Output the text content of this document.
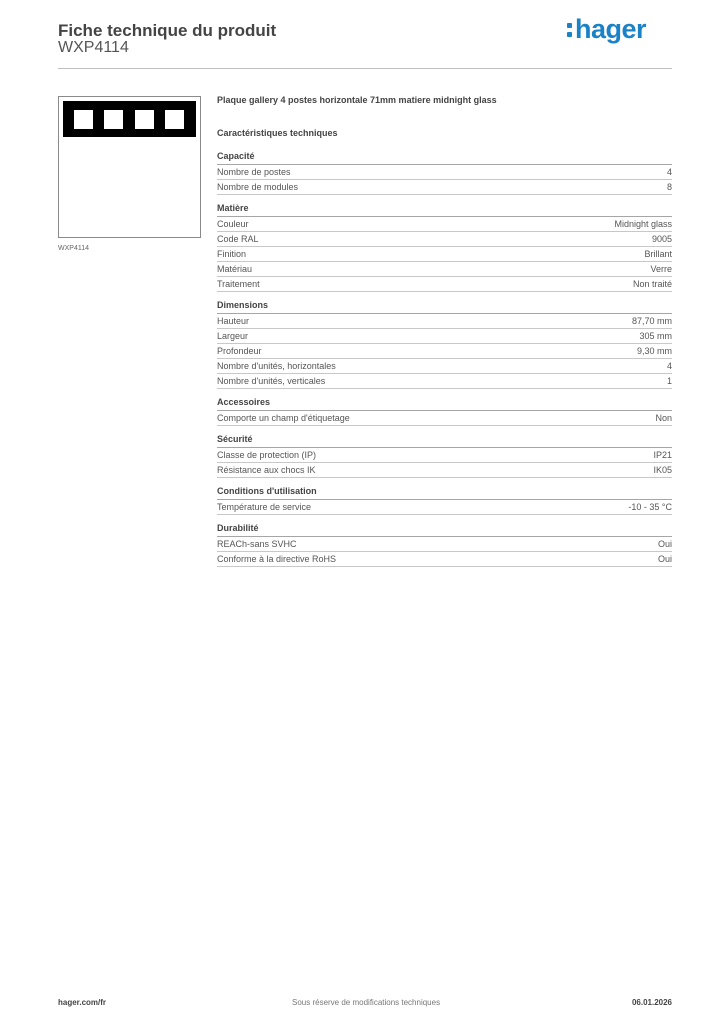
Fiche technique du produit
WXP4114
hager
WXP4114
Plaque gallery 4 postes horizontale 71mm matiere midnight glass
Caractéristiques techniques
Capacité
Nombre de postes	4
Nombre de modules	8
Matière
Couleur	Midnight glass
Code RAL	9005
Finition	Brillant
Matériau	Verre
Traitement	Non traité
Dimensions
Hauteur	87,70 mm
Largeur	305 mm
Profondeur	9,30 mm
Nombre d'unités, horizontales	4
Nombre d'unités, verticales	1
Accessoires
Comporte un champ d'étiquetage	Non
Sécurité
Classe de protection (IP)	IP21
Résistance aux chocs IK	IK05
Conditions d'utilisation
Température de service	-10 - 35 °C
Durabilité
REACh-sans SVHC	Oui
Conforme à la directive RoHS	Oui
hager.com/fr	Sous réserve de modifications techniques	06.01.2026
